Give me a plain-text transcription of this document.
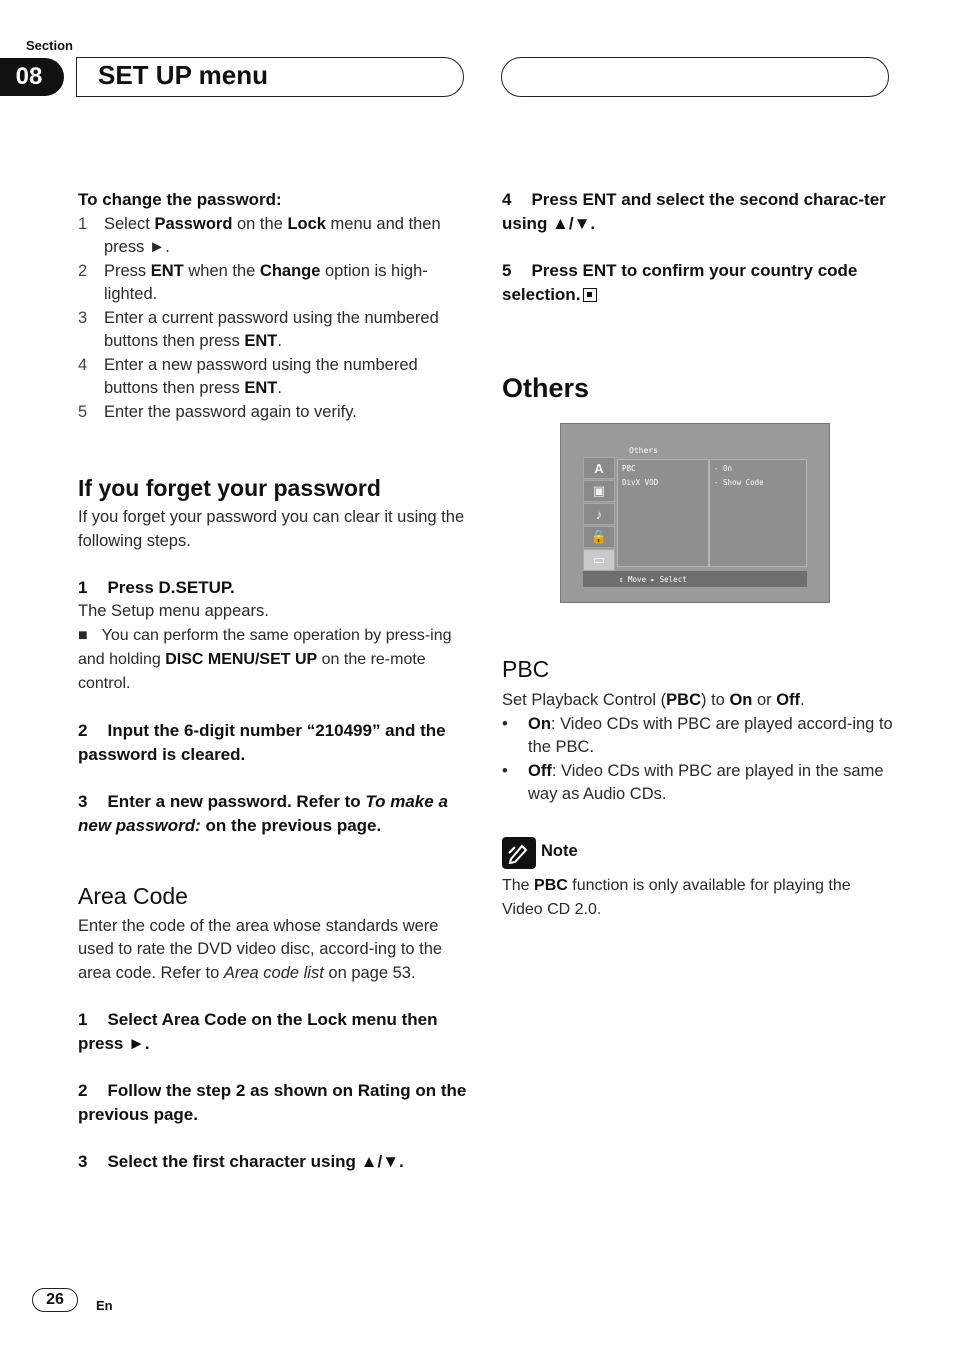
Section
08	SET UP menu

To change the password:

1	Select Password on the Lock menu and then press ►.
2	Press ENT when the Change option is high-lighted.
3	Enter a current password using the numbered buttons then press ENT.
4	Enter a new password using the numbered buttons then press ENT.
5	Enter the password again to verify.

If you forget your password

If you forget your password you can clear it using the following steps.

1 Press D.SETUP.

The Setup menu appears.

■ You can perform the same operation by press-ing and holding DISC MENU/SET UP on the re-mote control.

2 Input the 6-digit number “210499” and the password is cleared.

3 Enter a new password. Refer to To make a new password: on the previous page.

Area Code

Enter the code of the area whose standards were used to rate the DVD video disc, accord-ing to the area code. Refer to Area code list on page 53.

1 Select Area Code on the Lock menu then press ►.

2 Follow the step 2 as shown on Rating on the previous page.

3 Select the first character using ▲/▼.

4 Press ENT and select the second charac-ter using ▲/▼.

5 Press ENT to confirm your country code selection.

Others

Others
A
▣
♪
🔒
▭
PBC
DivX VOD
- On
- Show Code
⇕ Move ▸ Select

PBC

Set Playback Control (PBC) to On or Off.

•	On: Video CDs with PBC are played accord-ing to the PBC.
•	Off: Video CDs with PBC are played in the same way as Audio CDs.
Note

The PBC function is only available for playing the Video CD 2.0.

26	En
